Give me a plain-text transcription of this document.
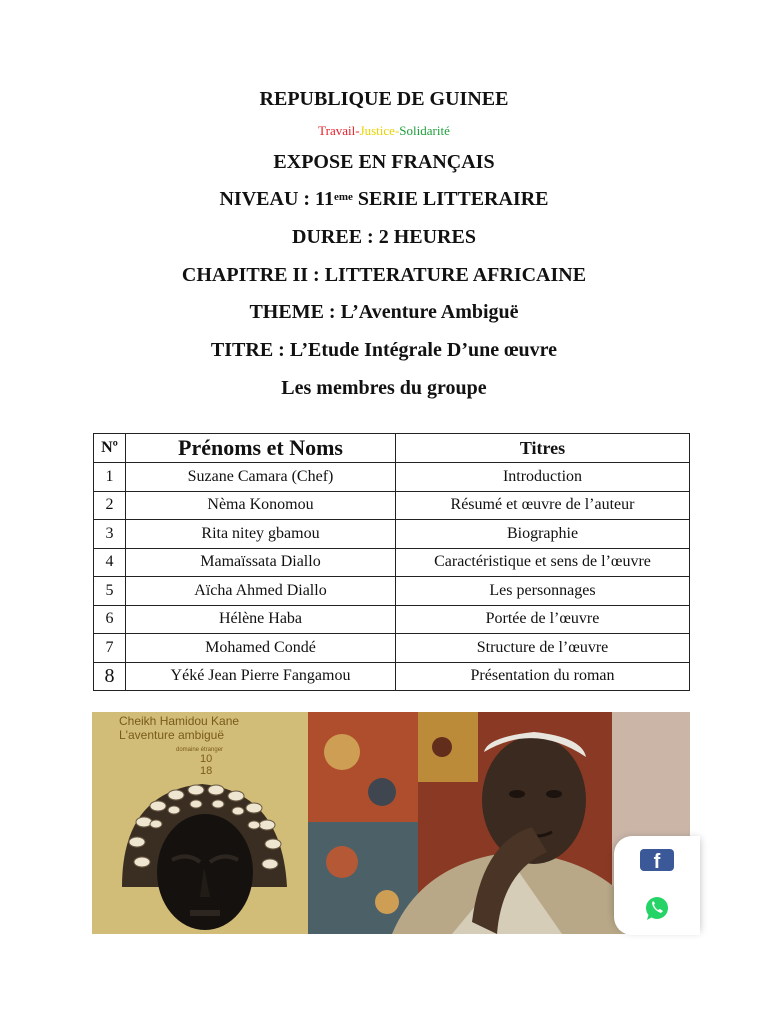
REPUBLIQUE DE GUINEE
Travail-Justice-Solidarité
EXPOSE EN FRANÇAIS
NIVEAU : 11eme SERIE LITTERAIRE
DUREE : 2 HEURES
CHAPITRE II : LITTERATURE AFRICAINE
THEME : L’Aventure Ambiguë
TITRE : L’Etude Intégrale D’une œuvre
Les membres du groupe
Nº	Prénoms et Noms	Titres
1	Suzane Camara (Chef)	Introduction
2	Nèma Konomou	Résumé et œuvre de l’auteur
3	Rita nitey gbamou	Biographie
4	Mamaïssata Diallo	Caractéristique et sens de l’œuvre
5	Aïcha Ahmed Diallo	Les personnages
6	Hélène Haba	Portée de l’œuvre
7	Mohamed Condé	Structure de l’œuvre
8	Yéké Jean Pierre Fangamou	Présentation du roman
Cheikh Hamidou Kane
L'aventure ambiguë
domaine étranger
10
18
f
